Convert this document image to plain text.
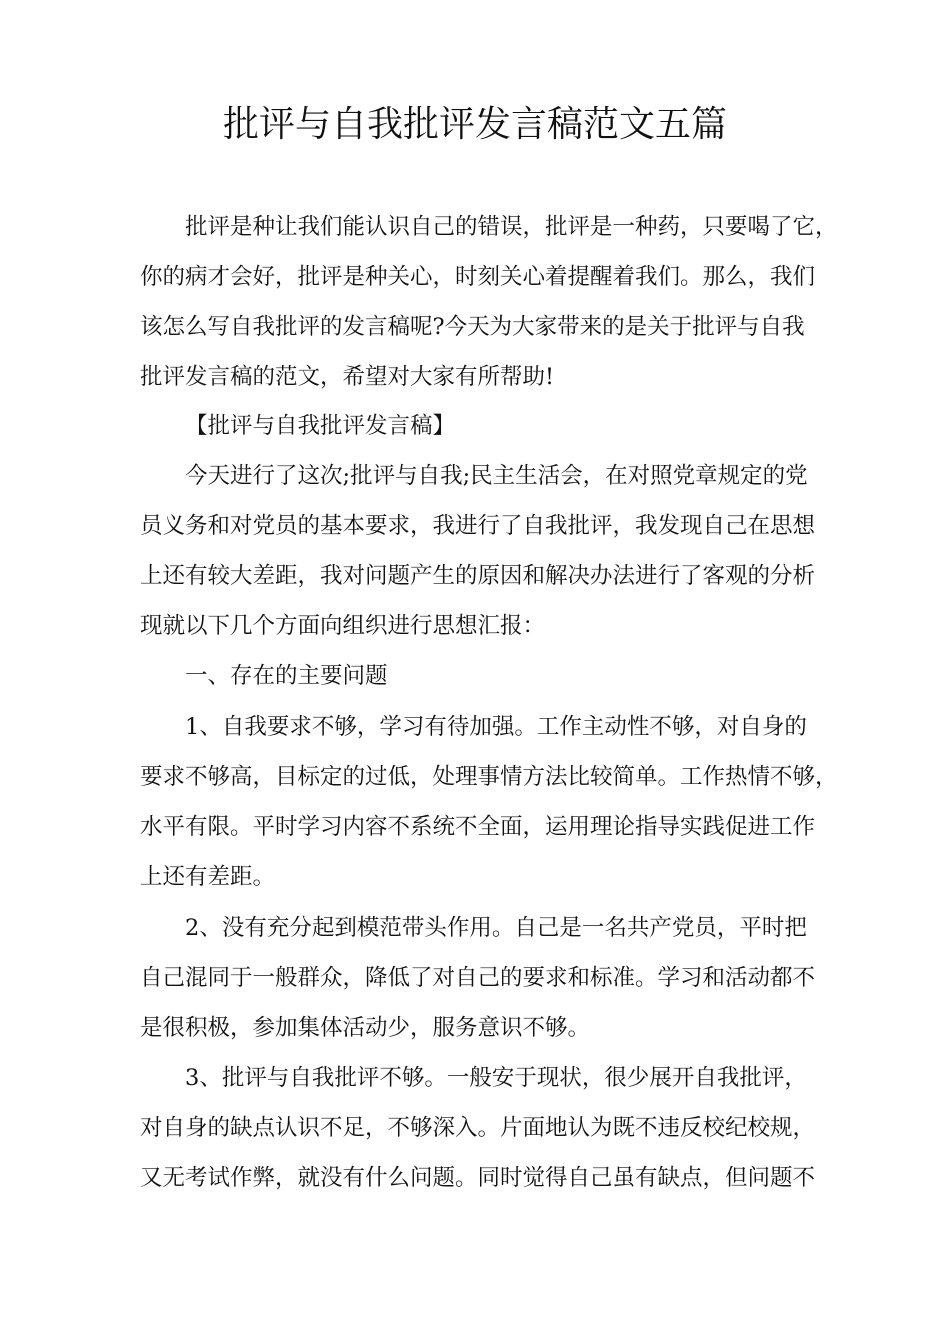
批评与自我批评发言稿范文五篇
批评是种让我们能认识自己的错误，批评是一种药，只要喝了它，
你的病才会好，批评是种关心，时刻关心着提醒着我们。那么，我们
该怎么写自我批评的发言稿呢?今天为大家带来的是关于批评与自我
批评发言稿的范文，希望对大家有所帮助!
【批评与自我批评发言稿】
今天进行了这次;批评与自我;民主生活会，在对照党章规定的党
员义务和对党员的基本要求，我进行了自我批评，我发现自己在思想
上还有较大差距，我对问题产生的原因和解决办法进行了客观的分析
现就以下几个方面向组织进行思想汇报：
一、存在的主要问题
1、自我要求不够，学习有待加强。工作主动性不够，对自身的
要求不够高，目标定的过低，处理事情方法比较简单。工作热情不够，
水平有限。平时学习内容不系统不全面，运用理论指导实践促进工作
上还有差距。
2、没有充分起到模范带头作用。自己是一名共产党员，平时把
自己混同于一般群众，降低了对自己的要求和标准。学习和活动都不
是很积极，参加集体活动少，服务意识不够。
3、批评与自我批评不够。一般安于现状，很少展开自我批评，
对自身的缺点认识不足，不够深入。片面地认为既不违反校纪校规，
又无考试作弊，就没有什么问题。同时觉得自己虽有缺点，但问题不
